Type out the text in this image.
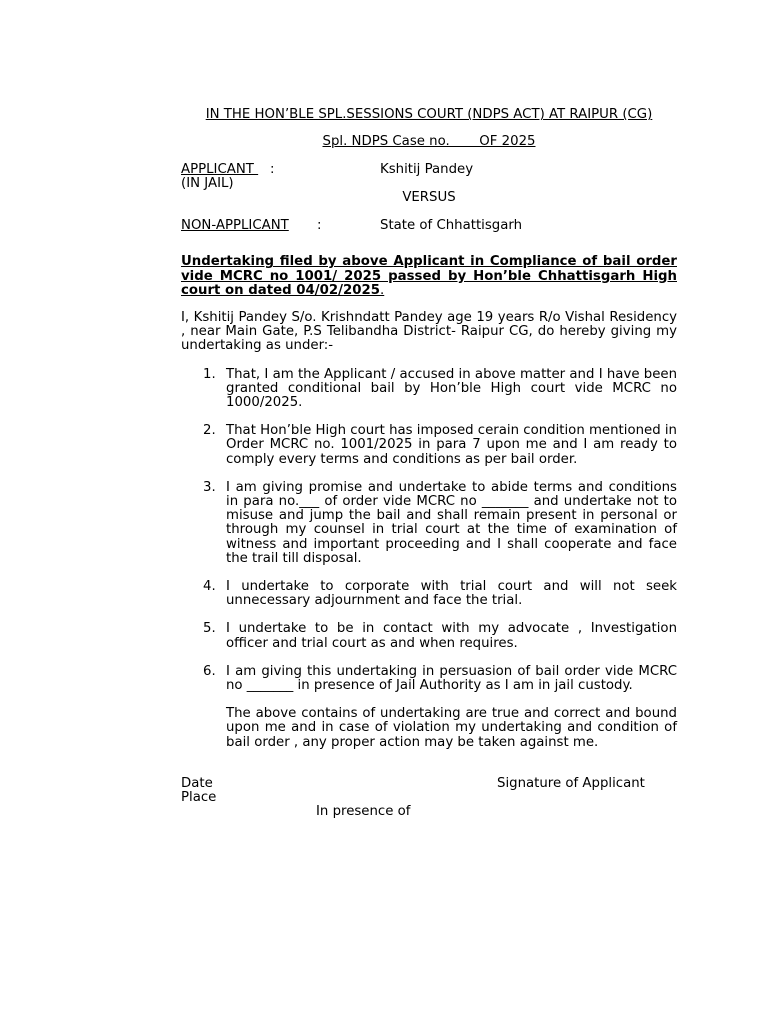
IN THE HON’BLE SPL.SESSIONS COURT (NDPS ACT) AT RAIPUR (CG)
Spl. NDPS Case no.       OF 2025
APPLICANT :	Kshitij Pandey
(IN JAIL)
VERSUS
NON-APPLICANT :	State of Chhattisgarh
Undertaking filed by above Applicant in Compliance of bail order vide MCRC no 1001/ 2025 passed by Hon’ble Chhattisgarh High court on dated 04/02/2025.
I, Kshitij Pandey S/o. Krishndatt Pandey age 19 years R/o Vishal Residency , near Main Gate, P.S Telibandha District- Raipur CG, do hereby giving my undertaking as under:-
1. That, I am the Applicant / accused in above matter and I have been granted conditional bail by Hon’ble High court vide MCRC no 1000/2025.
2. That Hon’ble High court has imposed cerain condition mentioned in Order MCRC no. 1001/2025 in para 7 upon me and I am ready to comply every terms and conditions as per bail order.
3. I am giving promise and undertake to abide terms and conditions in para no.___ of order vide MCRC no _______ and undertake not to misuse and jump the bail and shall remain present in personal or through my counsel in trial court at the time of examination of witness and important proceeding and I shall cooperate and face the trail till disposal.
4. I undertake to corporate with trial court and will not seek unnecessary adjournment and face the trial.
5. I undertake to be in contact with my advocate , Investigation officer and trial court as and when requires.
6. I am giving this undertaking in persuasion of bail order vide MCRC no _______ in presence of Jail Authority as I am in jail custody.
The above contains of undertaking are true and correct and bound upon me and in case of violation my undertaking and condition of bail order , any proper action may be taken against me.
Date	Signature of Applicant
Place
In presence of
